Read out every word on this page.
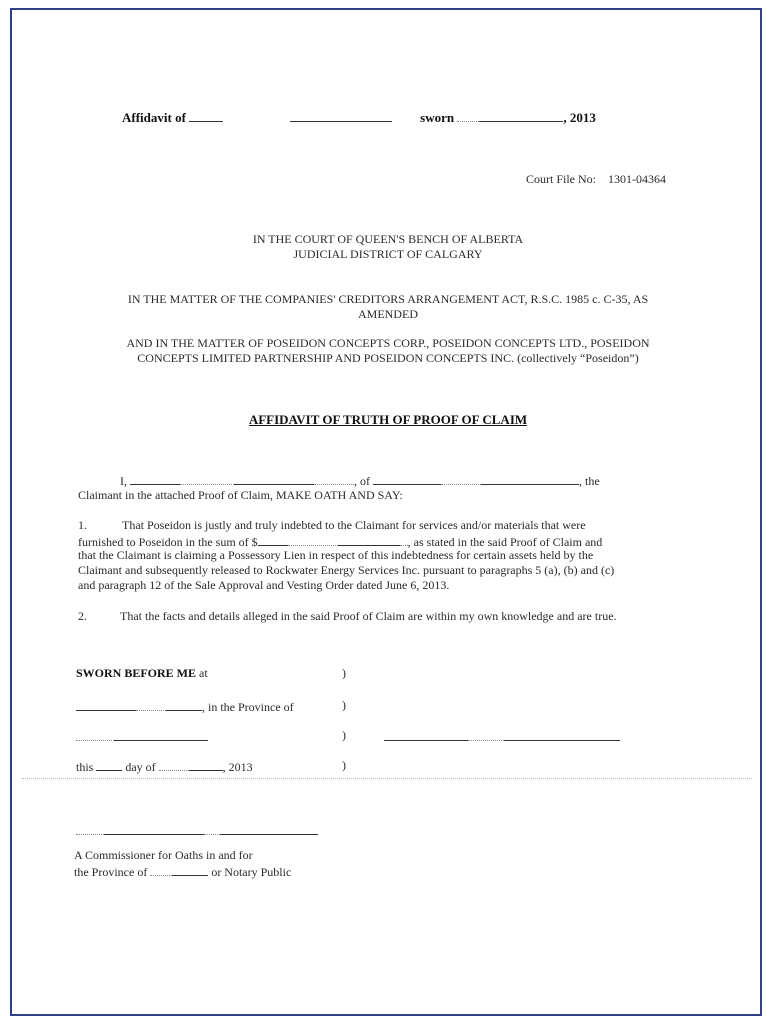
Affidavit of	sworn	, 2013
Court File No: 1301-04364
IN THE COURT OF QUEEN'S BENCH OF ALBERTA
JUDICIAL DISTRICT OF CALGARY
IN THE MATTER OF THE COMPANIES' CREDITORS ARRANGEMENT ACT, R.S.C. 1985 c. C-35, AS
AMENDED
AND IN THE MATTER OF POSEIDON CONCEPTS CORP., POSEIDON CONCEPTS LTD., POSEIDON
CONCEPTS LIMITED PARTNERSHIP AND POSEIDON CONCEPTS INC. (collectively “Poseidon”)
AFFIDAVIT OF TRUTH OF PROOF OF CLAIM
I,	, of	, the
Claimant in the attached Proof of Claim, MAKE OATH AND SAY:
1.	That Poseidon is justly and truly indebted to the Claimant for services and/or materials that were
furnished to Poseidon in the sum of $	, as stated in the said Proof of Claim and
that the Claimant is claiming a Possessory Lien in respect of this indebtedness for certain assets held by the
Claimant and subsequently released to Rockwater Energy Services Inc. pursuant to paragraphs 5 (a), (b) and (c)
and paragraph 12 of the Sale Approval and Vesting Order dated June 6, 2013.
2.	That the facts and details alleged in the said Proof of Claim are within my own knowledge and are true.
SWORN BEFORE ME at	)
, in the Province of	)
)
this	day of	, 2013	)
A Commissioner for Oaths in and for
the Province of	or Notary Public
